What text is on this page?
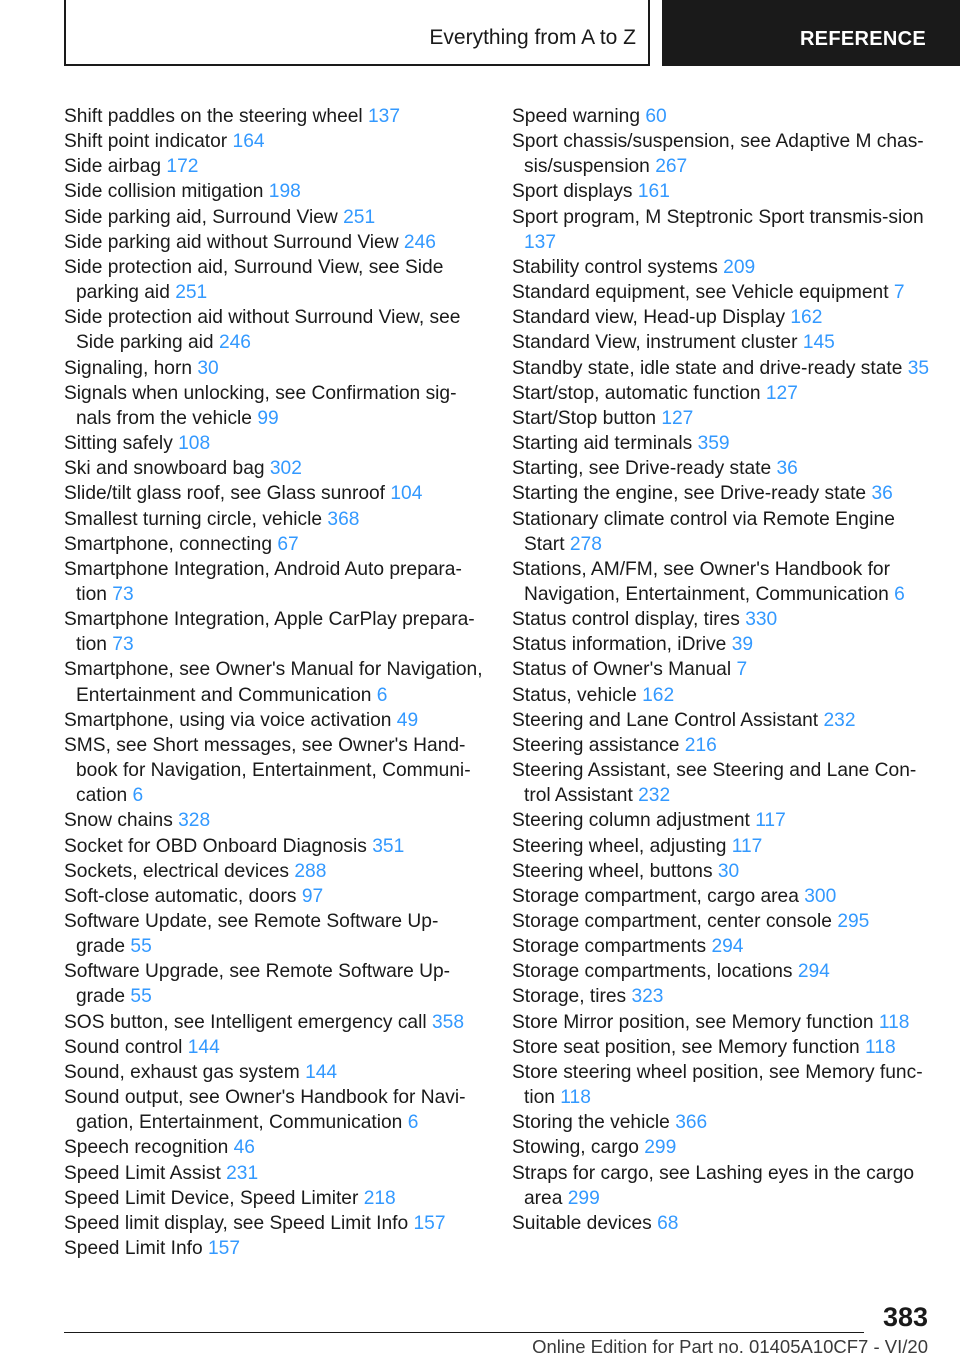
Everything from A to Z	REFERENCE

Shift paddles on the steering wheel 137

Shift point indicator 164

Side airbag 172

Side collision mitigation 198

Side parking aid, Surround View 251

Side parking aid without Surround View 246

Side protection aid, Surround View, see Side parking aid 251

Side protection aid without Surround View, see Side parking aid 246

Signaling, horn 30

Signals when unlocking, see Confirmation sig‐nals from the vehicle 99

Sitting safely 108

Ski and snowboard bag 302

Slide/tilt glass roof, see Glass sunroof 104

Smallest turning circle, vehicle 368

Smartphone, connecting 67

Smartphone Integration, Android Auto prepara‐tion 73

Smartphone Integration, Apple CarPlay prepara‐tion 73

Smartphone, see Owner's Manual for Navigation, Entertainment and Communication 6

Smartphone, using via voice activation 49

SMS, see Short messages, see Owner's Hand‐book for Navigation, Entertainment, Communi‐cation 6

Snow chains 328

Socket for OBD Onboard Diagnosis 351

Sockets, electrical devices 288

Soft-close automatic, doors 97

Software Update, see Remote Software Up‐grade 55

Software Upgrade, see Remote Software Up‐grade 55

SOS button, see Intelligent emergency call 358

Sound control 144

Sound, exhaust gas system 144

Sound output, see Owner's Handbook for Navi‐gation, Entertainment, Communication 6

Speech recognition 46

Speed Limit Assist 231

Speed Limit Device, Speed Limiter 218

Speed limit display, see Speed Limit Info 157

Speed Limit Info 157

Speed warning 60

Sport chassis/suspension, see Adaptive M chas‐sis/suspension 267

Sport displays 161

Sport program, M Steptronic Sport transmis‐sion 137

Stability control systems 209

Standard equipment, see Vehicle equipment 7

Standard view, Head-up Display 162

Standard View, instrument cluster 145

Standby state, idle state and drive-ready state 35

Start/stop, automatic function 127

Start/Stop button 127

Starting aid terminals 359

Starting, see Drive-ready state 36

Starting the engine, see Drive-ready state 36

Stationary climate control via Remote Engine Start 278

Stations, AM/FM, see Owner's Handbook for Navigation, Entertainment, Communication 6

Status control display, tires 330

Status information, iDrive 39

Status of Owner's Manual 7

Status, vehicle 162

Steering and Lane Control Assistant 232

Steering assistance 216

Steering Assistant, see Steering and Lane Con‐trol Assistant 232

Steering column adjustment 117

Steering wheel, adjusting 117

Steering wheel, buttons 30

Storage compartment, cargo area 300

Storage compartment, center console 295

Storage compartments 294

Storage compartments, locations 294

Storage, tires 323

Store Mirror position, see Memory function 118

Store seat position, see Memory function 118

Store steering wheel position, see Memory func‐tion 118

Storing the vehicle 366

Stowing, cargo 299

Straps for cargo, see Lashing eyes in the cargo area 299

Suitable devices 68

383
Online Edition for Part no. 01405A10CF7 - VI/20
